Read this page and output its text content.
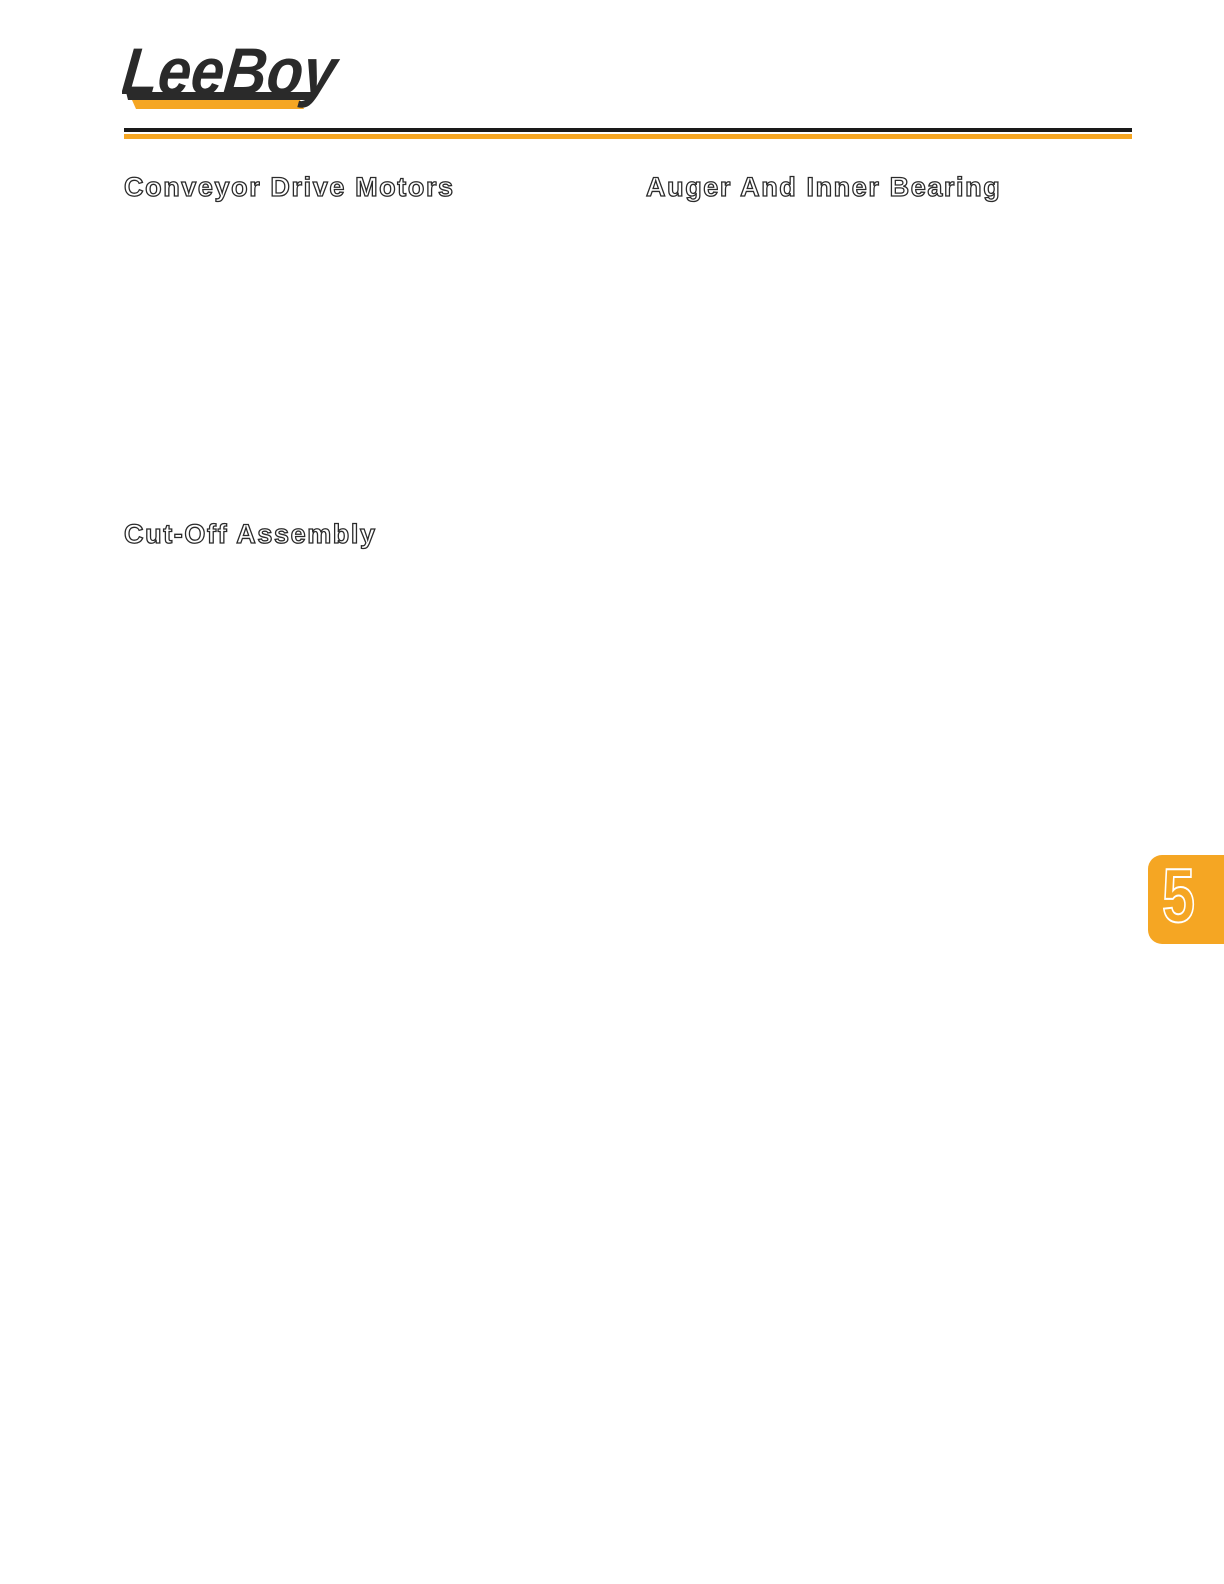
LeeBoy
Conveyor Drive Motors	Auger And Inner Bearing
Cut-Off Assembly
5
